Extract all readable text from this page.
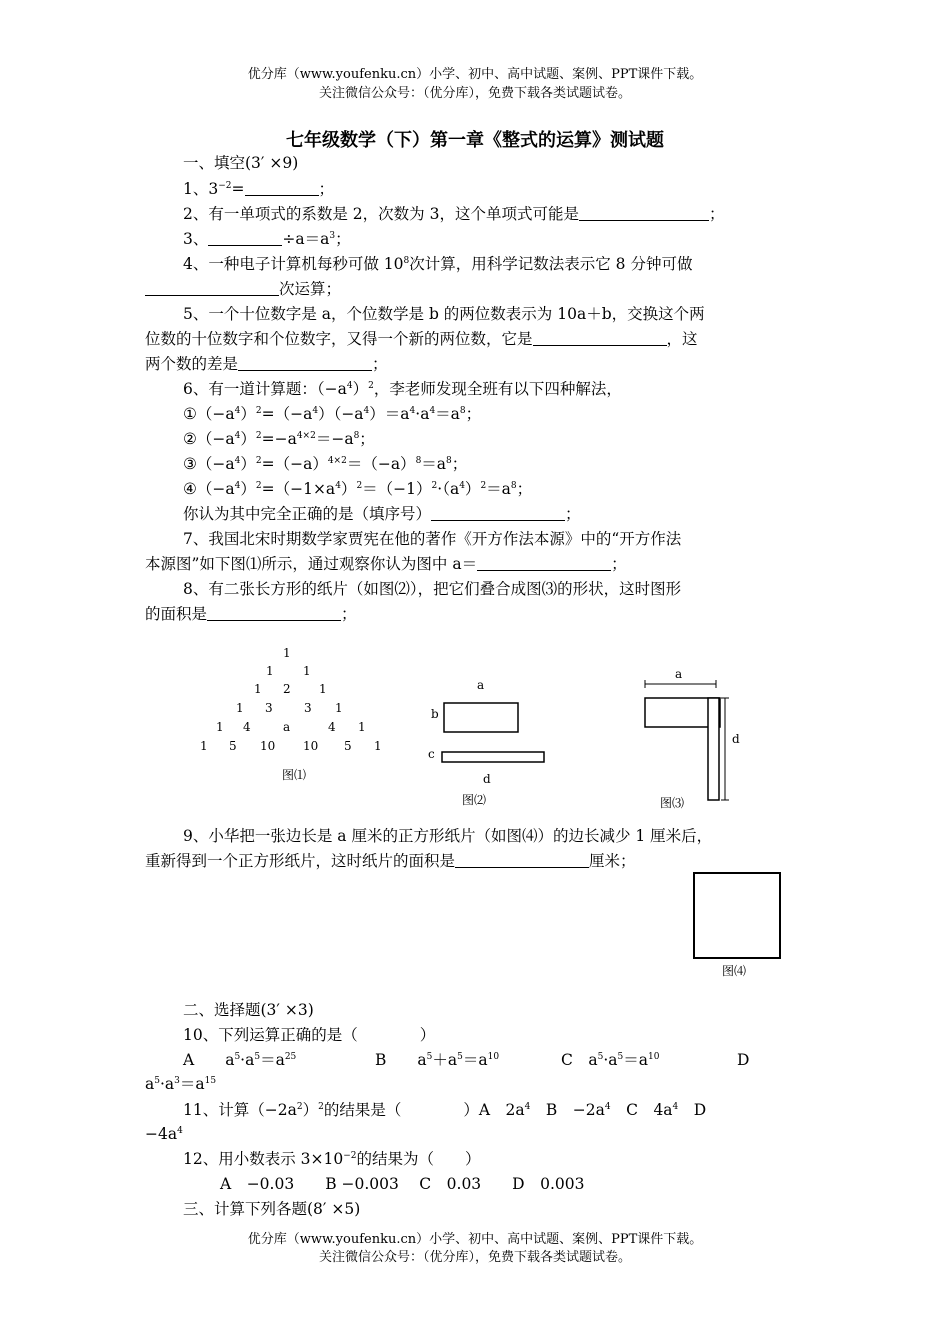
优分库（www.youfenku.cn）小学、初中、高中试题、案例、PPT课件下载。
关注微信公众号：（优分库），免费下载各类试题试卷。
七年级数学（下）第一章《整式的运算》测试题
一、填空(3′ ×9)
1、$3^{-2}=$	；
2、有一单项式的系数是 2，次数为 3，这个单项式可能是	；
3、	$\div a=a^3$；
4、一种电子计算机每秒可做 $10^8$次计算，用科学记数法表示它 8 分钟可做
次运算；
5、一个十位数字是 a，个位数学是 b 的两位数表示为 10a＋b，交换这个两
位数的十位数字和个位数字，又得一个新的两位数，它是	，这
两个数的差是	；
6、有一道计算题：$(-a^4)^2$，李老师发现全班有以下四种解法，
$①(-a^4)^2=(-a^4)(-a^4)=a^4\cdot a^4=a^8$；
$②(-a^4)^2=-a^{4\times 2}=-a^8$；
$③(-a^4)^2=(-a)^{4\times 2}=(-a)^8=a^8$；
$④(-a^4)^2=(-1\times a^4)^2=(-1)^2\cdot(a^4)^2=a^8$；
你认为其中完全正确的是（填序号）	；
7、我国北宋时期数学家贾宪在他的著作《开方作法本源》中的“开方作法
本源图”如下图⑴所示，通过观察你认为图中 a＝	；
8、有二张长方形的纸片（如图⑵），把它们叠合成图⑶的形状，这时图形
的面积是	；
1
1 1
1 2 1
1 3	3 1
1 4	a	4 1
1 5 10 10 5 1
图⑴
a
b
c
d
图⑵
a
d
图⑶
9、小华把一张边长是 a 厘米的正方形纸片（如图⑷）的边长减少 1 厘米后，
重新得到一个正方形纸片，这时纸片的面积是	厘米；
图⑷
二、选择题(3′ ×3)
10、下列运算正确的是（　　　　）
A　　$a^5\cdot a^5=a^{25}$	B　　$a^5+a^5=a^{10}$	C　$a^5\cdot a^5=a^{10}$	D
$a^5\cdot a^3=a^{15}$
11、计算$(-2a^2)^2$的结果是（　　　　）A　$2a^4$　B　$-2a^4$　C　$4a^4$　D
$-4a^4$
12、用小数表示 $3\times 10^{-2}$的结果为（　　）
A　−0.03　　B −0.003　 C　0.03　　D　0.003
三、计算下列各题(8′ ×5)
优分库（www.youfenku.cn）小学、初中、高中试题、案例、PPT课件下载。
关注微信公众号：（优分库），免费下载各类试题试卷。
